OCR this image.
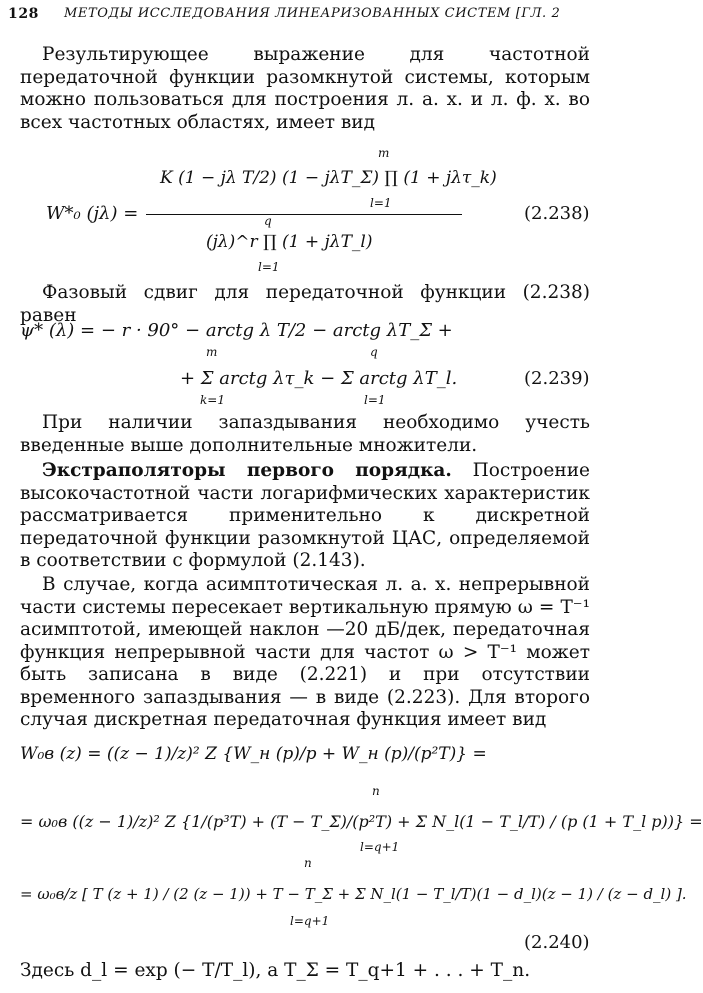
128 МЕТОДЫ ИССЛЕДОВАНИЯ ЛИНЕАРИЗОВАННЫХ СИСТЕМ [ГЛ. 2
Результирующее выражение для частотной передаточной функции разомкнутой системы, которым можно пользоваться для построения л. а. х. и л. ф. х. во всех частотных областях, имеет вид
W*₀ (jλ) =
K (1 − jλ T/2) (1 − jλT_Σ) ∏ (1 + jλτ_k)
m
l=1
(jλ)^r ∏ (1 + jλT_l)
q
l=1
(2.238)
Фазовый сдвиг для передаточной функции (2.238) равен
ψ* (λ) = − r · 90° − arctg λ T/2 − arctg λT_Σ +
m
k=1
q
l=1
+ Σ arctg λτ_k − Σ arctg λT_l.	(2.239)
При наличии запаздывания необходимо учесть введенные выше дополнительные множители.
Экстраполяторы первого порядка. Построение высокочастотной части логарифмических характеристик рассматривается применительно к дискретной передаточной функции разомкнутой ЦАС, определяемой в соответствии с формулой (2.143).
В случае, когда асимптотическая л. а. х. непрерывной части системы пересекает вертикальную прямую ω = T⁻¹ асимптотой, имеющей наклон —20 дБ/дек, передаточная функция непрерывной части для частот ω > T⁻¹ может быть записана в виде (2.221) и при отсутствии временного запаздывания — в виде (2.223). Для второго случая дискретная передаточная функция имеет вид
W₀в (z) = ((z − 1)/z)² Z {W_н (p)/p + W_н (p)/(p²T)} =
= ω₀в ((z − 1)/z)² Z {1/(p³T) + (T − T_Σ)/(p²T) + Σ N_l(1 − T_l/T) / (p (1 + T_l p))} =
n
l=q+1
= ω₀в/z [ T (z + 1) / (2 (z − 1)) + T − T_Σ + Σ N_l(1 − T_l/T)(1 − d_l)(z − 1) / (z − d_l) ].
n
l=q+1
(2.240)
Здесь d_l = exp (− T/T_l), а T_Σ = T_q+1 + . . . + T_n.
